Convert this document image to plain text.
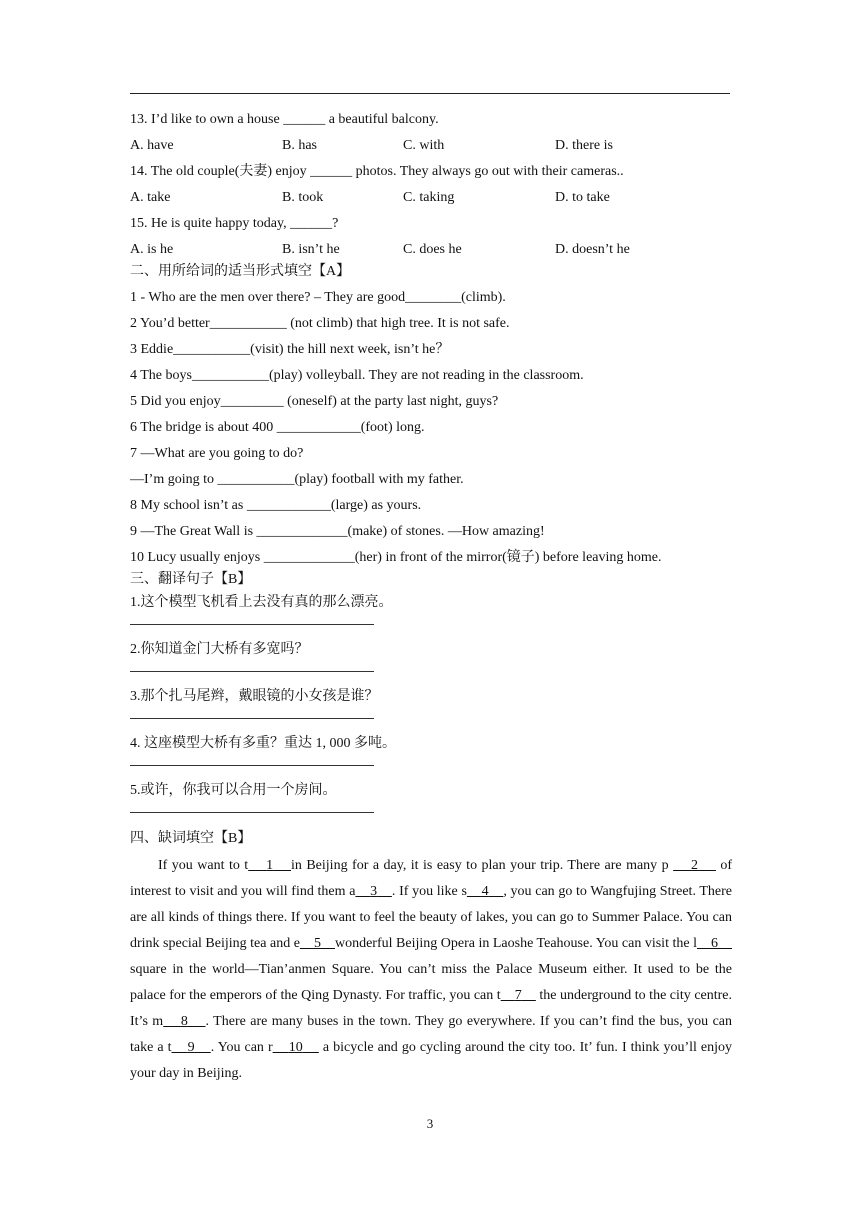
13. I’d like to own a house ______ a beautiful balcony.
A. have	B. has	C. with	D. there is
14. The old couple(夫妻) enjoy ______ photos. They always go out with their cameras..
A. take	B. took	C. taking	D. to take
15. He is quite happy today, ______?
A. is he	B. isn’t he	C. does he	D. doesn’t he
二、用所给词的适当形式填空【A】
1 - Who are the men over there? – They are good________(climb).
2 You’d better___________ (not climb) that high tree. It is not safe.
3 Eddie___________(visit) the hill next week, isn’t he？
4 The boys___________(play) volleyball. They are not reading in the classroom.
5 Did you enjoy_________ (oneself) at the party last night, guys?
6 The bridge is about 400 ____________(foot) long.
7 —What are you going to do?
—I’m going to ___________(play) football with my father.
8 My school isn’t as ____________(large) as yours.
9 —The Great Wall is _____________(make) of stones. —How amazing!
10 Lucy usually enjoys _____________(her) in front of the mirror(镜子) before leaving home.
三、翻译句子【B】
1.这个模型飞机看上去没有真的那么漂亮。
2.你知道金门大桥有多宽吗？
3.那个扎马尾辫，戴眼镜的小女孩是谁？
4. 这座模型大桥有多重？重达 1, 000 多吨。
5.或许，你我可以合用一个房间。
四、缺词填空【B】
If you want to t 1 in Beijing for a day, it is easy to plan your trip. There are many p     2     of interest to visit and you will find them a 3 . If you like s 4 , you can go to Wangfujing Street. There are all kinds of things there. If you want to feel the beauty of lakes, you can go to Summer Palace. You can drink special Beijing tea and e 5 wonderful Beijing Opera in Laoshe Teahouse. You can visit the l 6     square in the world—Tian’anmen Square. You can’t miss the Palace Museum either. It used to be the palace for the emperors of the Qing Dynasty. For traffic, you can t 7     the underground to the city centre. It’s m 8 . There are many buses in the town. They go everywhere. If you can’t find the bus, you can take a t 9 . You can r 10     a bicycle and go cycling around the city too. It’ fun. I think you’ll enjoy your day in Beijing.
3
